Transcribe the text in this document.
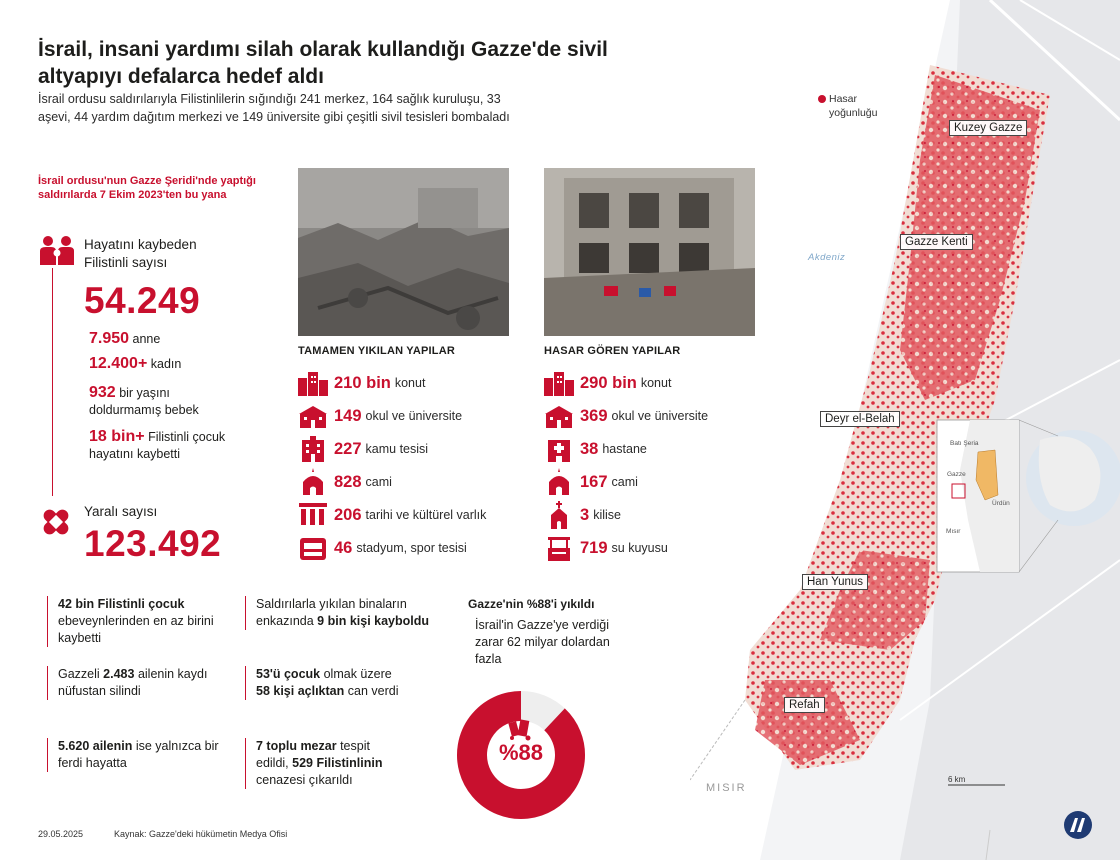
Hasar yoğunluğu
Akdeniz
MISIR
6 km
Kuzey Gazze
Gazze Kenti
Deyr el-Belah
Han Yunus
Refah
Batı Şeria
Gazze
Ürdün
Mısır
İsrail, insani yardımı silah olarak kullandığı Gazze'de sivil altyapıyı defalarca hedef aldı
İsrail ordusu saldırılarıyla Filistinlilerin sığındığı 241 merkez, 164 sağlık kuruluşu, 33 aşevi, 44 yardım dağıtım merkezi ve 149 üniversite gibi çeşitli sivil tesisleri bombaladı
İsrail ordusu'nun Gazze Şeridi'nde yaptığı saldırılarda 7 Ekim 2023'ten bu yana
Hayatını kaybeden Filistinli sayısı
54.249
7.950 anne
12.400+ kadın
932 bir yaşını doldurmamış bebek
18 bin+ Filistinli çocuk hayatını kaybetti
Yaralı sayısı
123.492
TAMAMEN YIKILAN YAPILAR
210 bin konut
149 okul ve üniversite
227 kamu tesisi
828 cami
206 tarihi ve kültürel varlık
46 stadyum, spor tesisi
HASAR GÖREN YAPILAR
290 bin konut
369 okul ve üniversite
38 hastane
167 cami
3 kilise
719 su kuyusu
42 bin Filistinli çocuk ebeveynlerinden en az birini kaybetti
Gazzeli 2.483 ailenin kaydı nüfustan silindi
5.620 ailenin ise yalnızca bir ferdi hayatta
Saldırılarla yıkılan binaların enkazında 9 bin kişi kayboldu
53'ü çocuk olmak üzere 58 kişi açlıktan can verdi
7 toplu mezar tespit edildi, 529 Filistinlinin cenazesi çıkarıldı
Gazze'nin %88'i yıkıldı
İsrail'in Gazze'ye verdiği zarar 62 milyar dolardan fazla
%88
29.05.2025	Kaynak: Gazze'deki hükümetin Medya Ofisi
